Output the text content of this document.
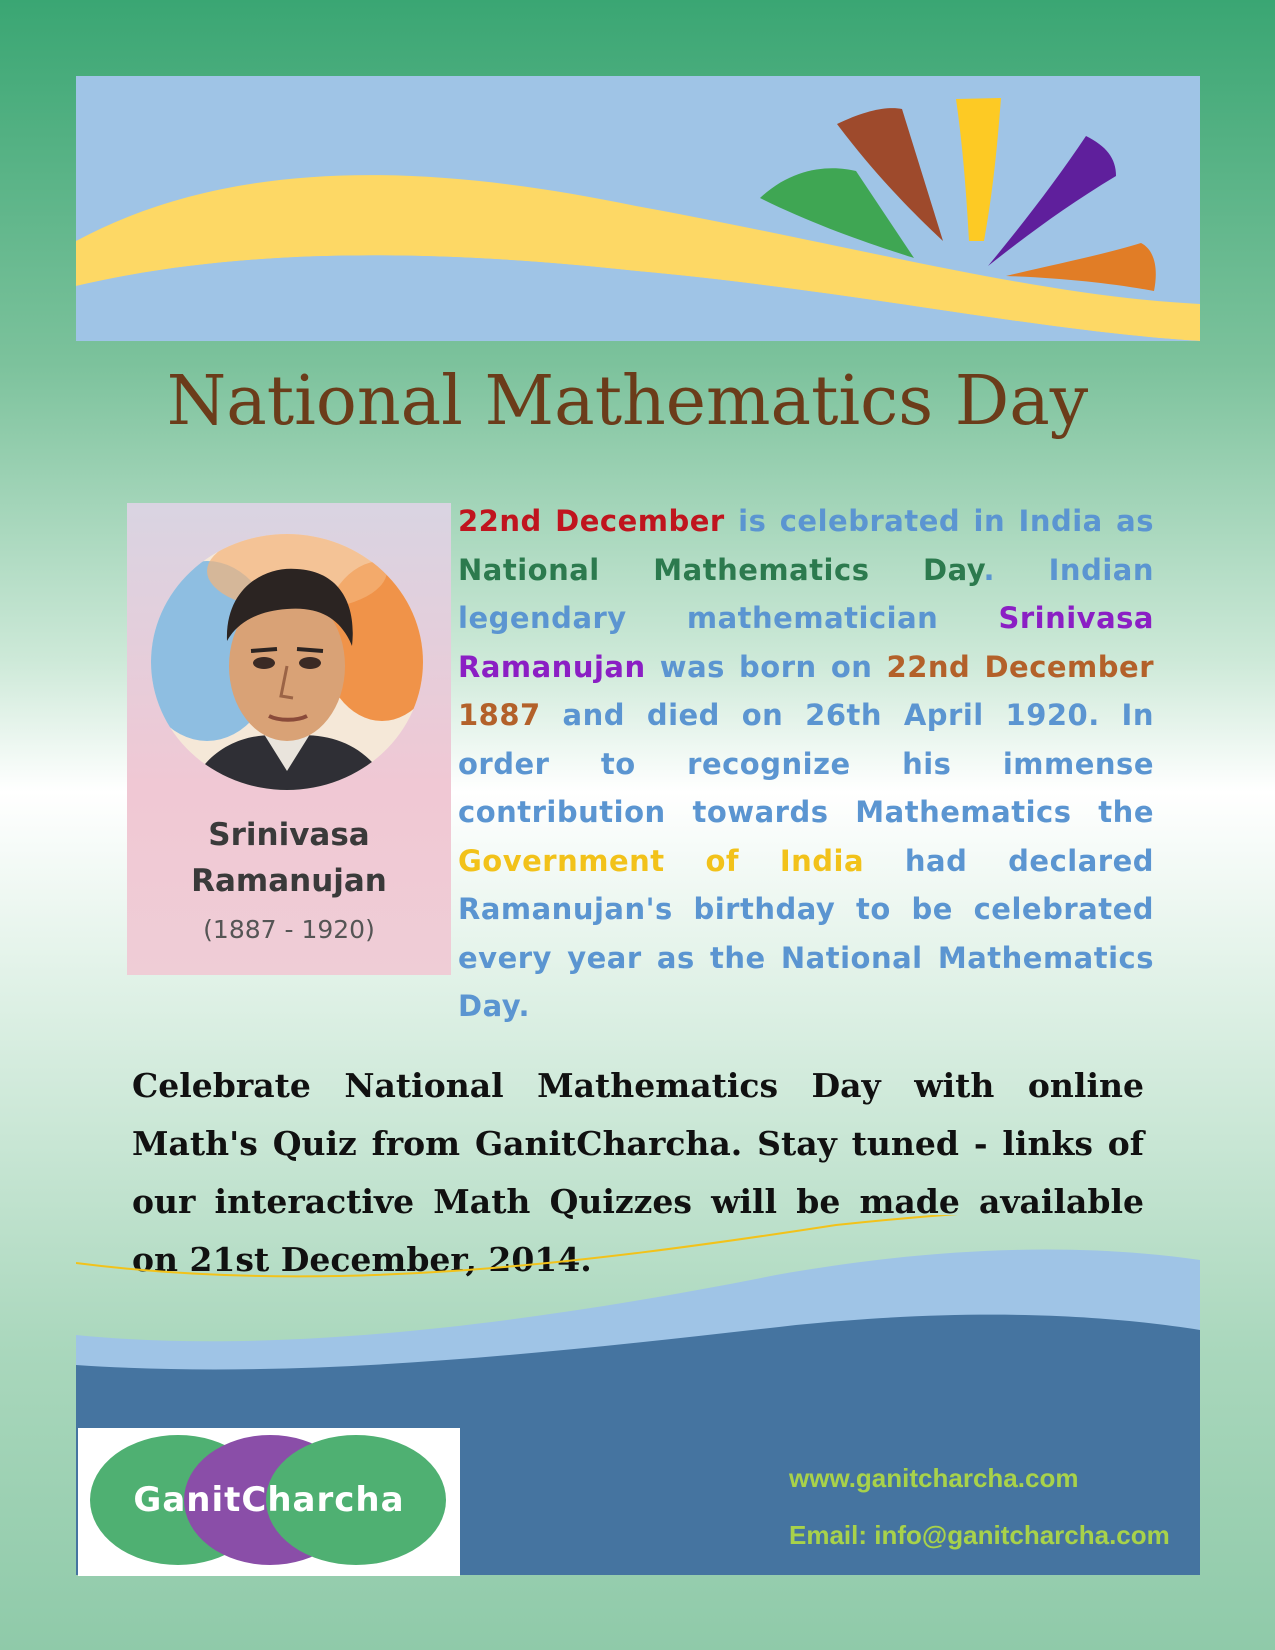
National Mathematics Day
Srinivasa
Ramanujan
(1887 - 1920)

22nd December is celebrated in India as National Mathematics Day. Indian legendary mathematician Srinivasa Ramanujan was born on 22nd December 1887 and died on 26th April 1920. In order to recognize his immense contribution towards Mathematics the Government of India had declared Ramanujan's birthday to be celebrated every year as the National Mathematics Day.

Celebrate National Mathematics Day with online Math's Quiz from GanitCharcha. Stay tuned - links of our interactive Math Quizzes will be made available on 21st December, 2014.

GanitCharcha
www.ganitcharcha.com
Email: info@ganitcharcha.com
